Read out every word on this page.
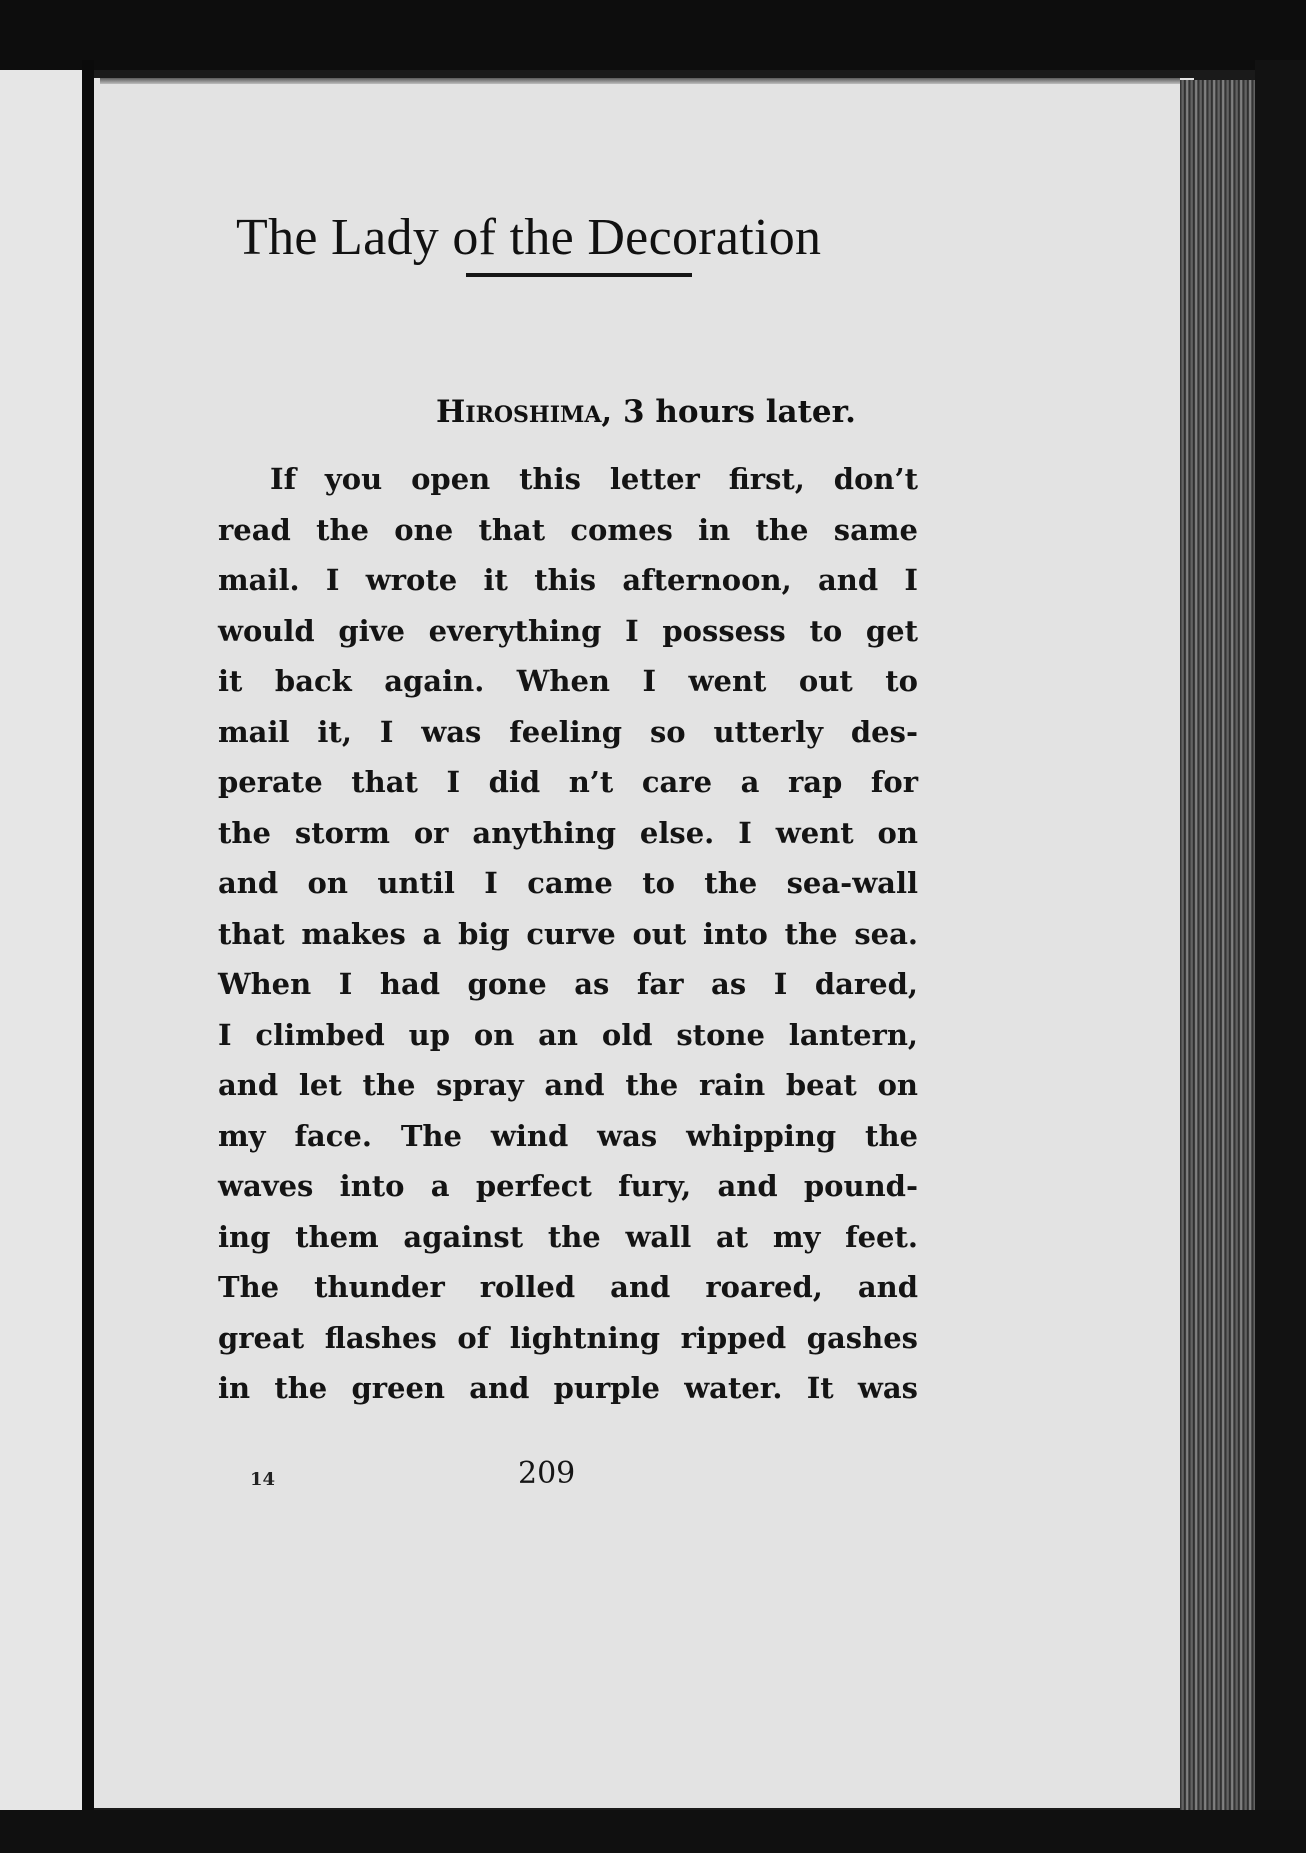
The Lady of the Decoration
Hiroshima, 3 hours later.
If you open this letter first, don’t
read the one that comes in the same
mail. I wrote it this afternoon, and I
would give everything I possess to get
it back again. When I went out to
mail it, I was feeling so utterly des-
perate that I did n’t care a rap for
the storm or anything else. I went on
and on until I came to the sea-wall
that makes a big curve out into the sea.
When I had gone as far as I dared,
I climbed up on an old stone lantern,
and let the spray and the rain beat on
my face. The wind was whipping the
waves into a perfect fury, and pound-
ing them against the wall at my feet.
The thunder rolled and roared, and
great flashes of lightning ripped gashes
in the green and purple water. It was
14	209
